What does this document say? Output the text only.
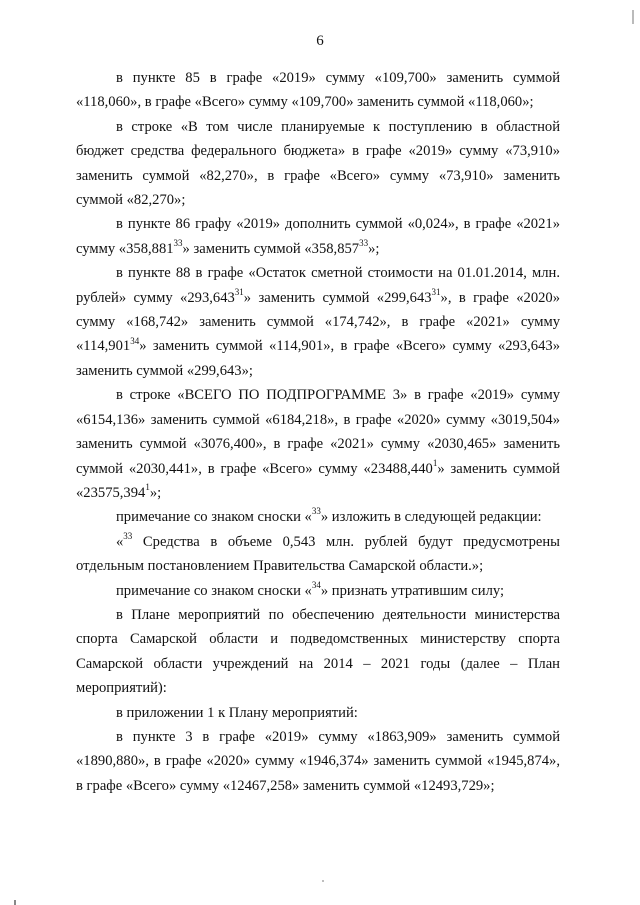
6

в пункте 85 в графе «2019» сумму «109,700» заменить суммой «118,060», в графе «Всего» сумму «109,700» заменить суммой «118,060»;

в строке «В том числе планируемые к поступлению в областной бюджет средства федерального бюджета» в графе «2019» сумму «73,910» заменить суммой «82,270», в графе «Всего» сумму «73,910» заменить суммой «82,270»;

в пункте 86 графу «2019» дополнить суммой «0,024», в графе «2021» сумму «358,881$^{33}$» заменить суммой «358,857$^{33}$»;

в пункте 88 в графе «Остаток сметной стоимости на 01.01.2014, млн. рублей» сумму «293,643$^{31}$» заменить суммой «299,643$^{31}$», в графе «2020» сумму «168,742» заменить суммой «174,742», в графе «2021» сумму «114,901$^{34}$» заменить суммой «114,901», в графе «Всего» сумму «293,643» заменить суммой «299,643»;

в строке «ВСЕГО ПО ПОДПРОГРАММЕ 3» в графе «2019» сумму «6154,136» заменить суммой «6184,218», в графе «2020» сумму «3019,504» заменить суммой «3076,400», в графе «2021» сумму «2030,465» заменить суммой «2030,441», в графе «Всего» сумму «23488,440$^1$» заменить суммой «23575,394$^1$»;

примечание со знаком сноски «$^{33}$» изложить в следующей редакции:

«$^{33}$ Средства в объеме 0,543 млн. рублей будут предусмотрены отдельным постановлением Правительства Самарской области.»;

примечание со знаком сноски «$^{34}$» признать утратившим силу;

в Плане мероприятий по обеспечению деятельности министерства спорта Самарской области и подведомственных министерству спорта Самарской области учреждений на 2014 – 2021 годы (далее – План мероприятий):

в приложении 1 к Плану мероприятий:

в пункте 3 в графе «2019» сумму «1863,909» заменить суммой «1890,880», в графе «2020» сумму «1946,374» заменить суммой «1945,874», в графе «Всего» сумму «12467,258» заменить суммой «12493,729»;
